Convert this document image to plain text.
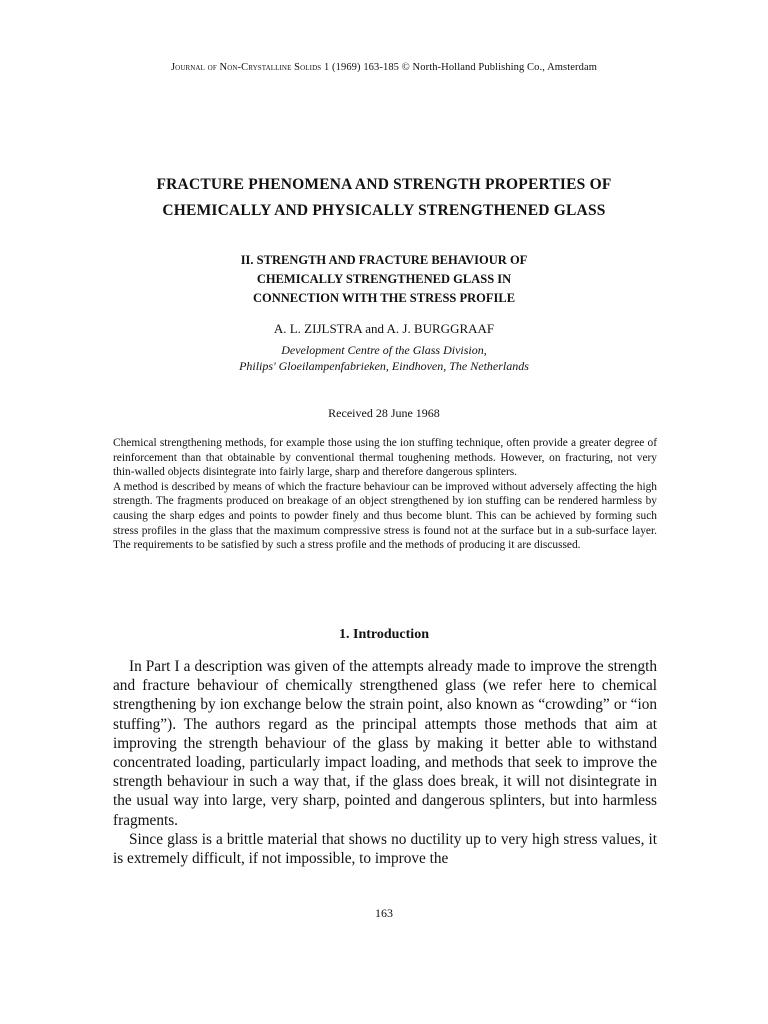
Journal of Non-Crystalline Solids 1 (1969) 163-185 © North-Holland Publishing Co., Amsterdam
FRACTURE PHENOMENA AND STRENGTH PROPERTIES OF
CHEMICALLY AND PHYSICALLY STRENGTHENED GLASS
II. STRENGTH AND FRACTURE BEHAVIOUR OF
CHEMICALLY STRENGTHENED GLASS IN
CONNECTION WITH THE STRESS PROFILE
A. L. ZIJLSTRA and A. J. BURGGRAAF
Development Centre of the Glass Division,
Philips' Gloeilampenfabrieken, Eindhoven, The Netherlands
Received 28 June 1968

Chemical strengthening methods, for example those using the ion stuffing technique, often provide a greater degree of reinforcement than that obtainable by conventional thermal toughening methods. However, on fracturing, not very thin-walled objects disintegrate into fairly large, sharp and therefore dangerous splinters.

A method is described by means of which the fracture behaviour can be improved without adversely affecting the high strength. The fragments produced on breakage of an object strengthened by ion stuffing can be rendered harmless by causing the sharp edges and points to powder finely and thus become blunt. This can be achieved by forming such stress profiles in the glass that the maximum compressive stress is found not at the surface but in a sub-surface layer. The requirements to be satisfied by such a stress profile and the methods of producing it are discussed.

1. Introduction

In Part I a description was given of the attempts already made to improve the strength and fracture behaviour of chemically strengthened glass (we refer here to chemical strengthening by ion exchange below the strain point, also known as “crowding” or “ion stuffing”). The authors regard as the principal attempts those methods that aim at improving the strength behaviour of the glass by making it better able to withstand concentrated loading, particularly impact loading, and methods that seek to improve the strength behaviour in such a way that, if the glass does break, it will not disintegrate in the usual way into large, very sharp, pointed and dangerous splinters, but into harmless fragments.

Since glass is a brittle material that shows no ductility up to very high stress values, it is extremely difficult, if not impossible, to improve the

163
